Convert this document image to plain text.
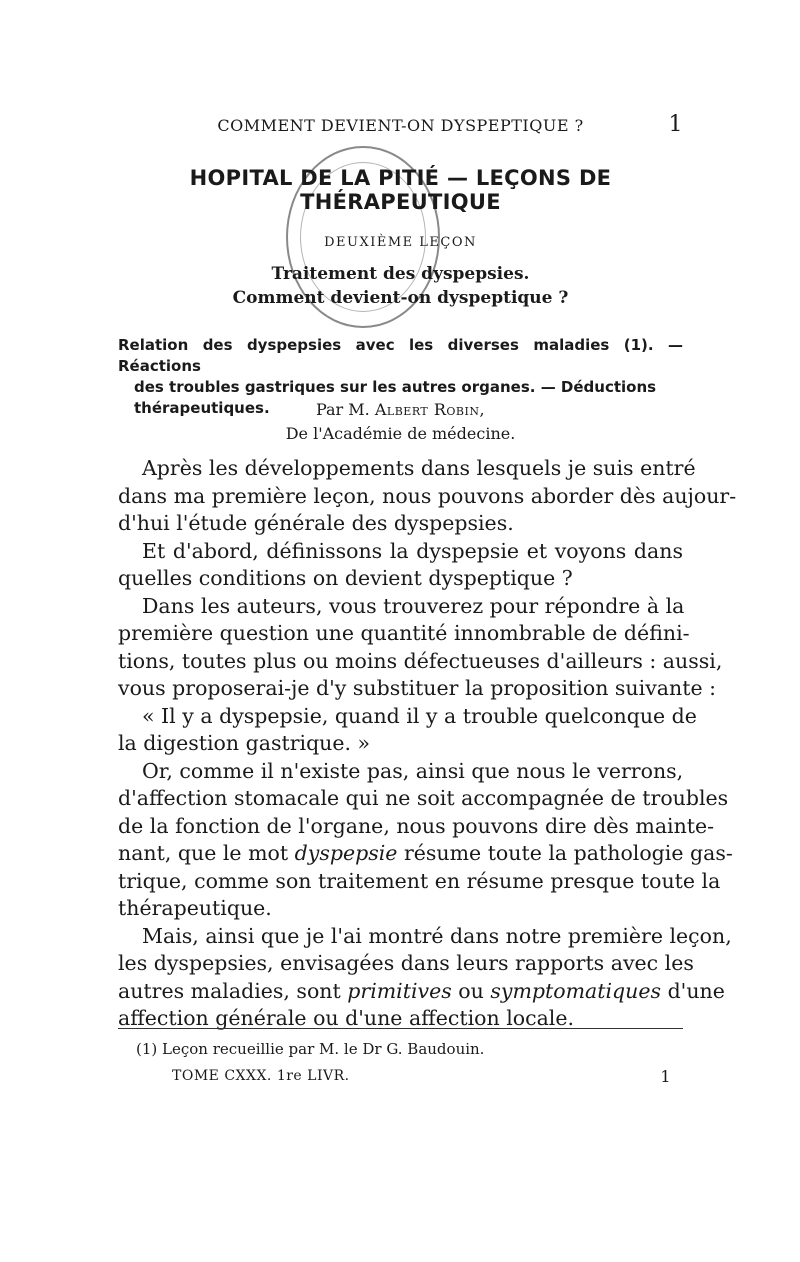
COMMENT DEVIENT-ON DYSPEPTIQUE ?	1
HOPITAL DE LA PITIÉ — LEÇONS DE THÉRAPEUTIQUE
DEUXIÈME LEÇON
Traitement des dyspepsies.
Comment devient-on dyspeptique ?
Relation des dyspepsies avec les diverses maladies (1). — Réactions
des troubles gastriques sur les autres organes. — Déductions
thérapeutiques.	Par M. Albert Robin,
De l'Académie de médecine.
Après les développements dans lesquels je suis entré
dans ma première leçon, nous pouvons aborder dès aujour-
d'hui l'étude générale des dyspepsies.
Et d'abord, définissons la dyspepsie et voyons dans
quelles conditions on devient dyspeptique ?
Dans les auteurs, vous trouverez pour répondre à la
première question une quantité innombrable de défini-
tions, toutes plus ou moins défectueuses d'ailleurs : aussi,
vous proposerai-je d'y substituer la proposition suivante :
« Il y a dyspepsie, quand il y a trouble quelconque de
la digestion gastrique. »
Or, comme il n'existe pas, ainsi que nous le verrons,
d'affection stomacale qui ne soit accompagnée de troubles
de la fonction de l'organe, nous pouvons dire dès mainte-
nant, que le mot dyspepsie résume toute la pathologie gas-
trique, comme son traitement en résume presque toute la
thérapeutique.
Mais, ainsi que je l'ai montré dans notre première leçon,
les dyspepsies, envisagées dans leurs rapports avec les
autres maladies, sont primitives ou symptomatiques d'une
affection générale ou d'une affection locale.
(1) Leçon recueillie par M. le Dr G. Baudouin.
TOME CXXX. 1re LIVR.	1
